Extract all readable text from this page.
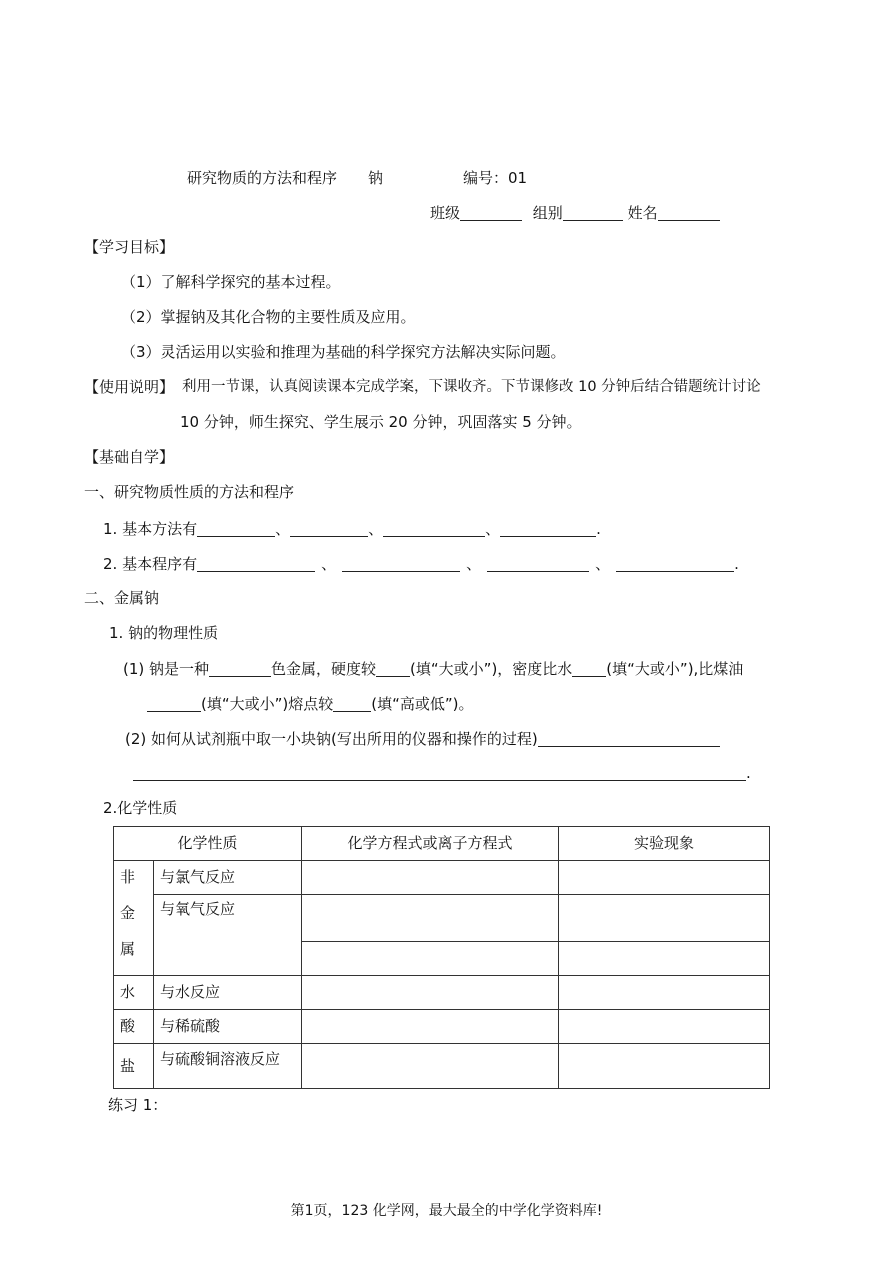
研究物质的方法和程序 钠	编号：01
班级	组别	姓名
【学习目标】
（1）了解科学探究的基本过程。
（2）掌握钠及其化合物的主要性质及应用。
（3）灵活运用以实验和推理为基础的科学探究方法解决实际问题。
【使用说明】 利用一节课，认真阅读课本完成学案，下课收齐。下节课修改 10 分钟后结合错题统计讨论
10 分钟，师生探究、学生展示 20 分钟，巩固落实 5 分钟。
【基础自学】
一、研究物质性质的方法和程序
1. 基本方法有	、	、	、	.
2. 基本程序有	、	、	、	.
二、金属钠
1. 钠的物理性质
(1) 钠是一种	色金属，硬度较 (填“大或小”)，密度比水 (填“大或小”),比煤油
(填“大或小”)熔点较	(填“高或低”)。
(2) 如何从试剂瓶中取一小块钠(写出所用的仪器和操作的过程)
.
2.化学性质
化学性质		化学方程式或离子方程式	实验现象

非
金
属	与氯气反应		
	与氧气反应		

水	与水反应		
酸	与稀硫酸		
盐	与硫酸铜溶液反应		
练习 1：
第1页，123 化学网，最大最全的中学化学资料库!
